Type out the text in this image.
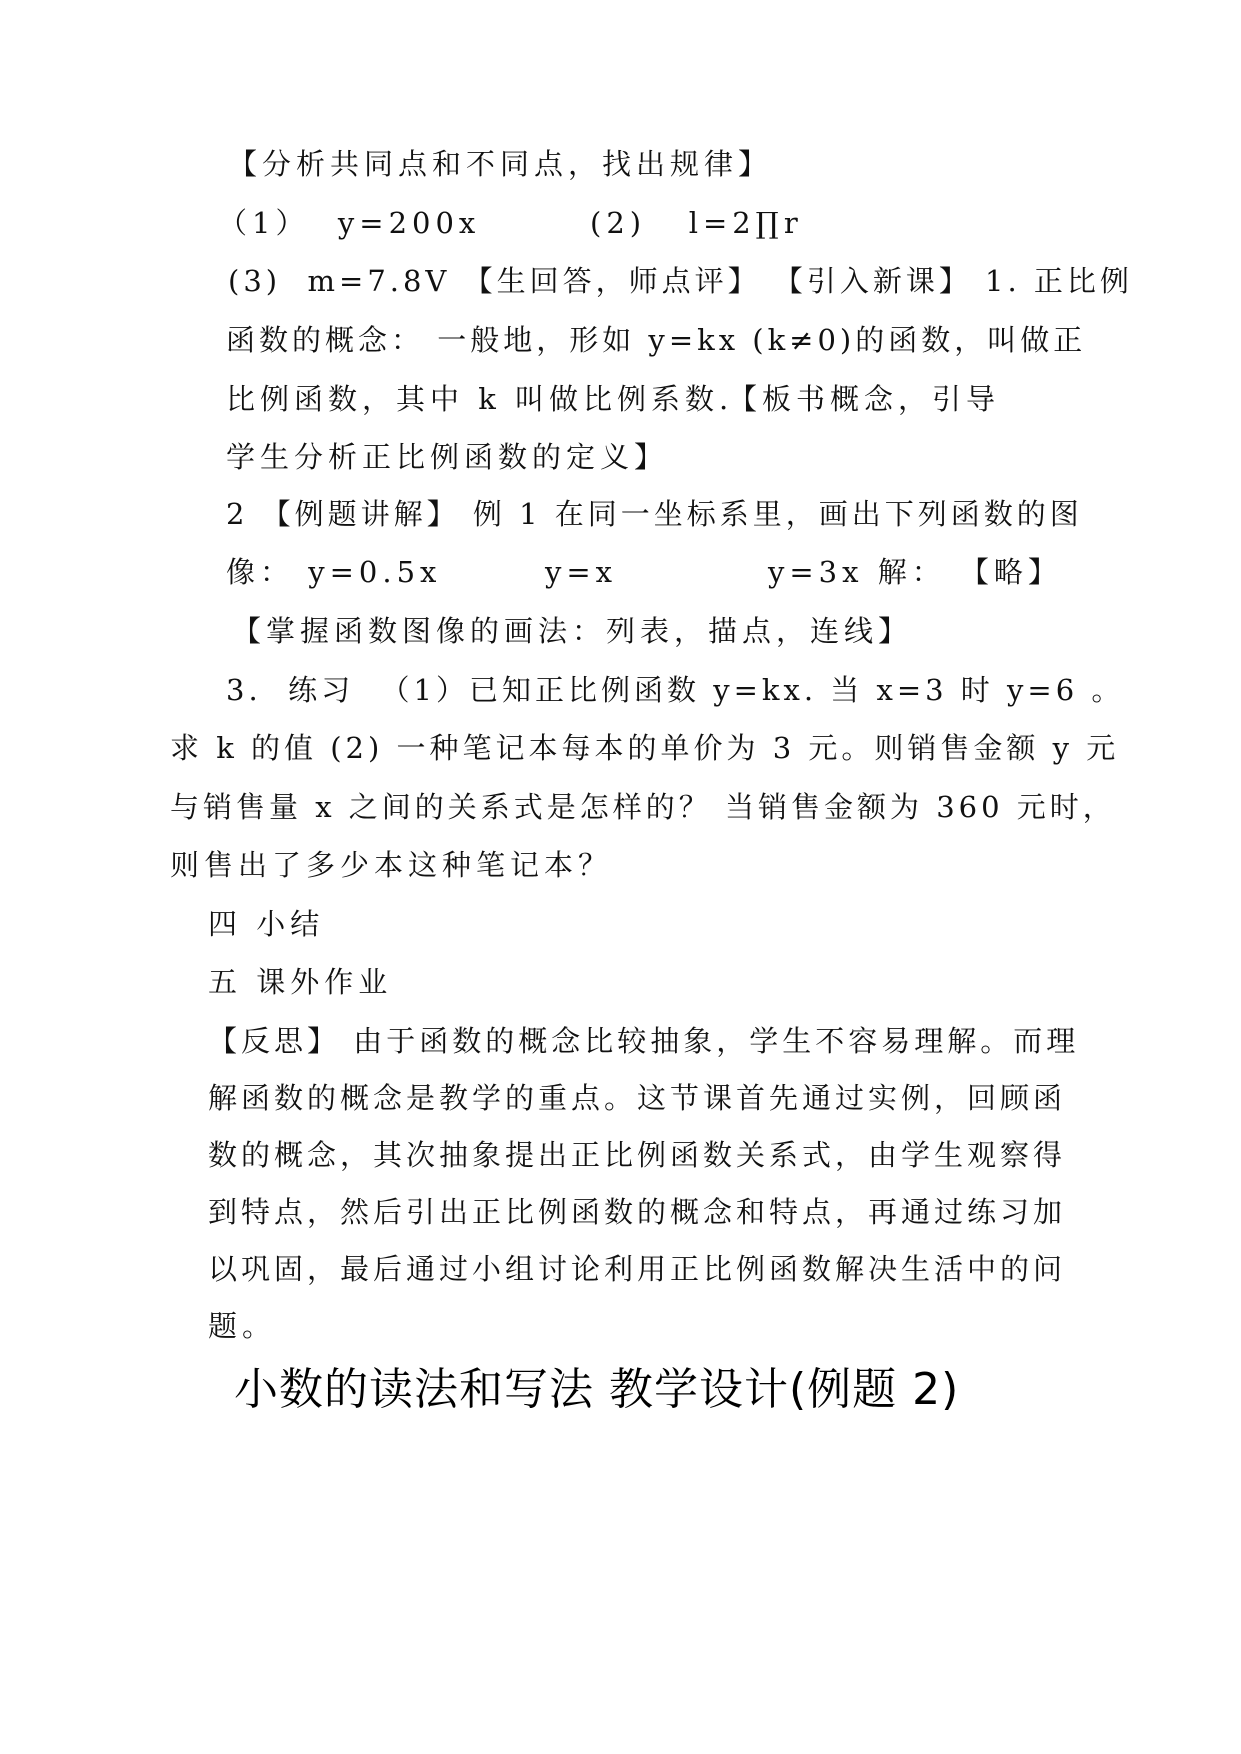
【分析共同点和不同点，找出规律】
（1）  y=200x	(2)   l=2∏r
(3)  m=7.8V 【生回答，师点评】 【引入新课】 1. 正比例
函数的概念： 一般地，形如 y=kx (k≠0)的函数，叫做正
比例函数，其中 k 叫做比例系数.
【板书概念，引导
学生分析正比例函数的定义】
2 【例题讲解】 例 1 在同一坐标系里，画出下列函数的图
像： y=0.5x	y=x	y=3x 解： 【略】
【掌握函数图像的画法：列表，描点，连线】
3.  练习  （1）已知正比例函数 y=kx. 当 x=3 时 y=6 。
求 k 的值 (2) 一种笔记本每本的单价为 3 元。则销售金额 y 元
与销售量 x 之间的关系式是怎样的？ 当销售金额为 360 元时，
则售出了多少本这种笔记本？
四 小结
五 课外作业
【反思】 由于函数的概念比较抽象，学生不容易理解。而理
解函数的概念是教学的重点。这节课首先通过实例，回顾函
数的概念，其次抽象提出正比例函数关系式，由学生观察得
到特点，然后引出正比例函数的概念和特点，再通过练习加
以巩固，最后通过小组讨论利用正比例函数解决生活中的问
题。
小数的读法和写法 教学设计(例题 2)
